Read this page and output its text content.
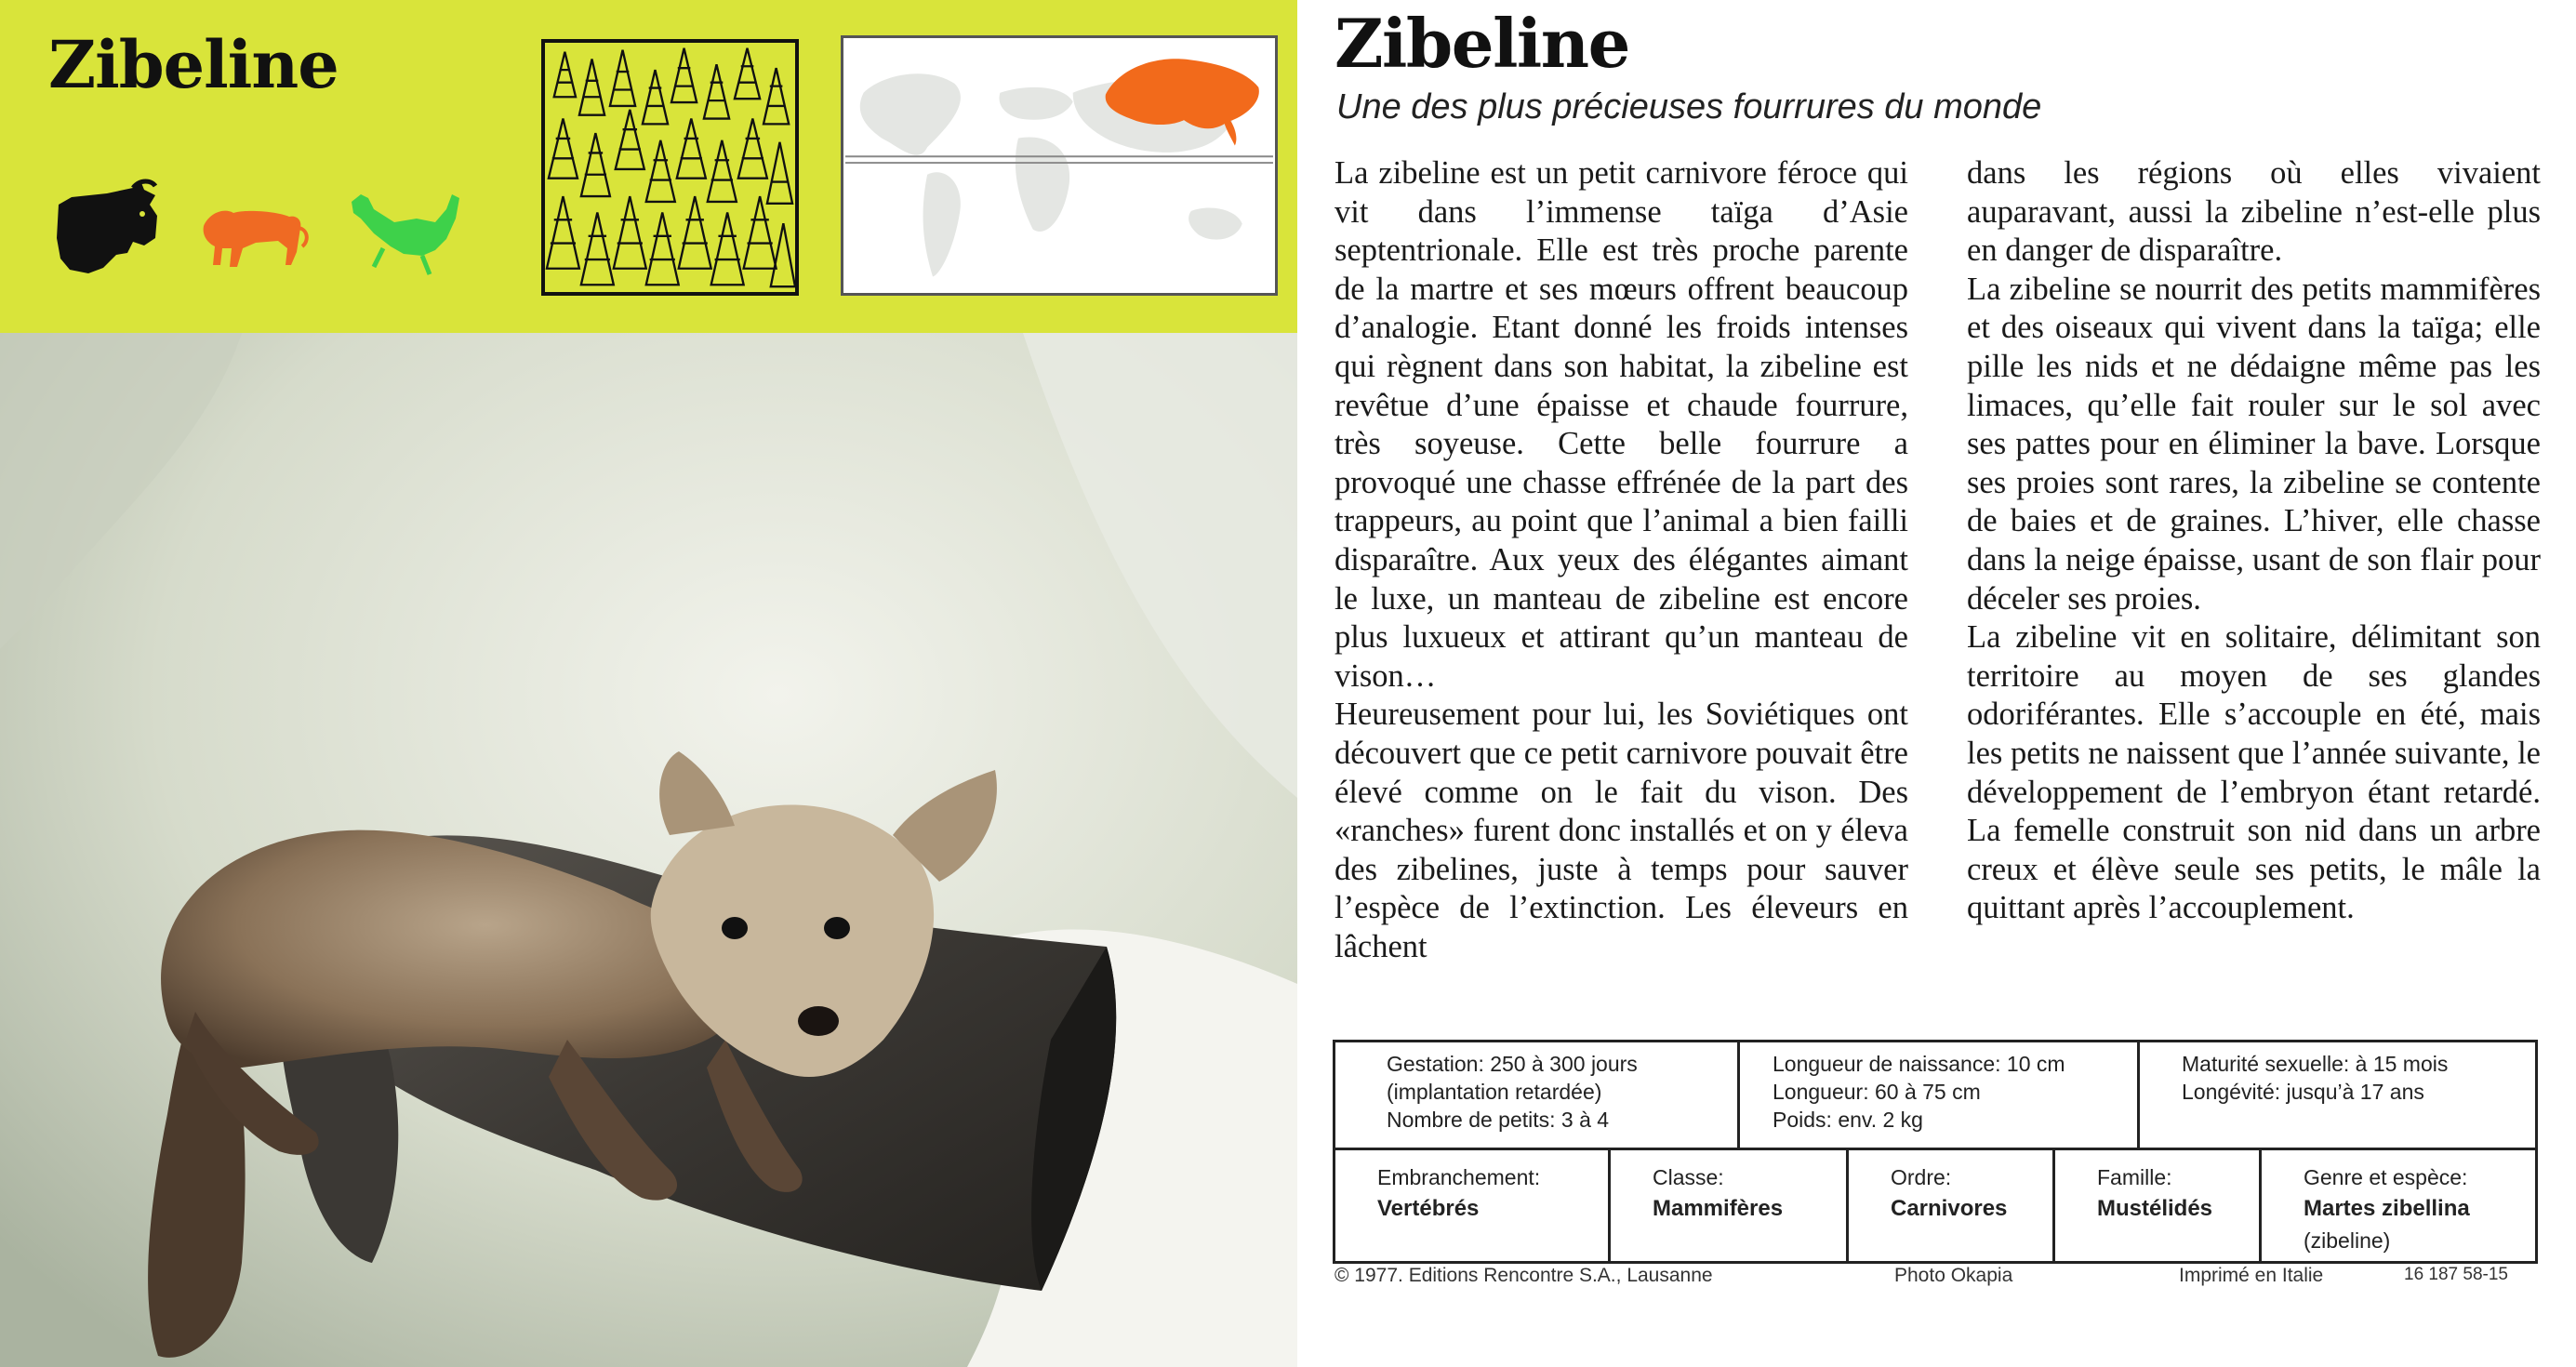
Zibeline	Zibeline
Une des plus précieuses fourrures du monde

La zibeline est un petit carnivore féroce qui vit dans l’immense taïga d’Asie septentrionale. Elle est très proche parente de la martre et ses mœurs offrent beaucoup d’analogie. Etant donné les froids intenses qui règnent dans son habitat, la zibeline est revêtue d’une épaisse et chaude fourrure, très soyeuse. Cette belle fourrure a provoqué une chasse effrénée de la part des trappeurs, au point que l’animal a bien failli disparaître. Aux yeux des élégantes aimant le luxe, un manteau de zibeline est encore plus luxueux et attirant qu’un manteau de vison…

Heureusement pour lui, les Soviétiques ont découvert que ce petit carnivore pouvait être élevé comme on le fait du vison. Des «ranches» furent donc installés et on y éleva des zibelines, juste à temps pour sauver l’espèce de l’extinction. Les éleveurs en lâchent

dans les régions où elles vivaient auparavant, aussi la zibeline n’est-elle plus en danger de disparaître.

La zibeline se nourrit des petits mammifères et des oiseaux qui vivent dans la taïga; elle pille les nids et ne dédaigne même pas les limaces, qu’elle fait rouler sur le sol avec ses pattes pour en éliminer la bave. Lorsque ses proies sont rares, la zibeline se contente de baies et de graines. L’hiver, elle chasse dans la neige épaisse, usant de son flair pour déceler ses proies.

La zibeline vit en solitaire, délimitant son territoire au moyen de ses glandes odoriférantes. Elle s’accouple en été, mais les petits ne naissent que l’année suivante, le développement de l’embryon étant retardé. La femelle construit son nid dans un arbre creux et élève seule ses petits, le mâle la quittant après l’accouplement.

Gestation: 250 à 300 jours
(implantation retardée)
Nombre de petits: 3 à 4
Longueur de naissance: 10 cm
Longueur: 60 à 75 cm
Poids: env. 2 kg
Maturité sexuelle: à 15 mois
Longévité: jusqu’à 17 ans
Embranchement:
Vertébrés
Classe:
Mammifères
Ordre:
Carnivores
Famille:
Mustélidés
Genre et espèce:
Martes zibellina
(zibeline)
© 1977. Editions Rencontre S.A., Lausanne	Photo Okapia	Imprimé en Italie	16 187 58-15
